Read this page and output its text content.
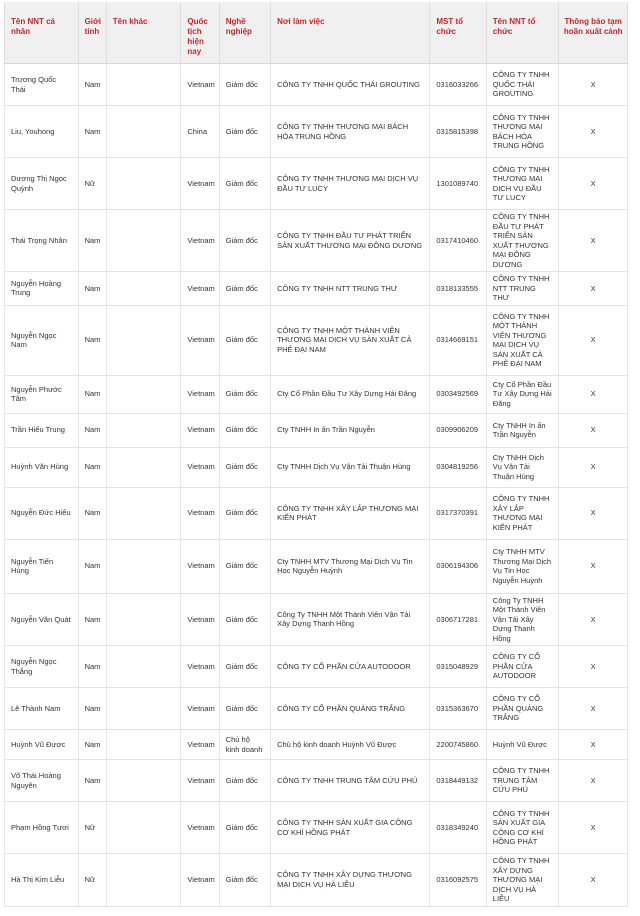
Tên NNT cá nhân	Giới tính	Tên khác	Quốc tịch hiện nay	Nghề nghiệp	Nơi làm việc	MST tổ chức	Tên NNT tổ chức	Thông báo tạm hoãn xuất cảnh
Trương Quốc Thái	Nam		Vietnam	Giám đốc	CÔNG TY TNHH QUỐC THÁI GROUTING	0316033266	CÔNG TY TNHH QUỐC THÁI GROUTING	X
Liu, Youhong	Nam		China	Giám đốc	CÔNG TY TNHH THƯƠNG MẠI BÁCH HÓA TRUNG HỒNG	0315815398	CÔNG TY TNHH THƯƠNG MẠI BÁCH HÓA TRUNG HỒNG	X
Dương Thị Ngọc Quỳnh	Nữ		Vietnam	Giám đốc	CÔNG TY TNHH THƯƠNG MẠI DỊCH VỤ ĐẦU TƯ LUCY	1301089740	CÔNG TY TNHH THƯƠNG MẠI DỊCH VỤ ĐẦU TƯ LUCY	X
Thái Trọng Nhân	Nam		Vietnam	Giám đốc	CÔNG TY TNHH ĐẦU TƯ PHÁT TRIỂN SẢN XUẤT THƯƠNG MẠI ĐÔNG DƯƠNG	0317410460	CÔNG TY TNHH ĐẦU TƯ PHÁT TRIỂN SẢN XUẤT THƯƠNG MẠI ĐÔNG DƯƠNG	X
Nguyễn Hoàng Trung	Nam		Vietnam	Giám đốc	CÔNG TY TNHH NTT TRUNG THƯ	0318133555	CÔNG TY TNHH NTT TRUNG THƯ	X
Nguyễn Ngọc Nam	Nam		Vietnam	Giám đốc	CÔNG TY TNHH MỘT THÀNH VIÊN THƯƠNG MẠI DỊCH VỤ SẢN XUẤT CÀ PHÊ ĐẠI NAM	0314669151	CÔNG TY TNHH MỘT THÀNH VIÊN THƯƠNG MẠI DỊCH VỤ SẢN XUẤT CÀ PHÊ ĐẠI NAM	X
Nguyễn Phước Tâm	Nam		Vietnam	Giám đốc	Cty Cổ Phần Đầu Tư Xây Dựng Hải Đăng	0303492569	Cty Cổ Phần Đầu Tư Xây Dựng Hải Đăng	X
Trần Hiếu Trung	Nam		Vietnam	Giám đốc	Cty TNHH In ấn Trần Nguyễn	0309906209	Cty TNHH In ấn Trần Nguyễn	X
Huỳnh Văn Hùng	Nam		Vietnam	Giám đốc	Cty TNHH Dịch Vụ Vận Tải Thuận Hùng	0304819256	Cty TNHH Dịch Vụ Vận Tải Thuận Hùng	X
Nguyễn Đức Hiếu	Nam		Vietnam	Giám đốc	CÔNG TY TNHH XÂY LẮP THƯƠNG MẠI KIẾN PHÁT	0317370391	CÔNG TY TNHH XÂY LẮP THƯƠNG MẠI KIẾN PHÁT	X
Nguyễn Tiến Hùng	Nam		Vietnam	Giám đốc	Cty TNHH MTV Thương Mại Dịch Vụ Tin Học Nguyễn Huỳnh	0306194306	Cty TNHH MTV Thương Mại Dịch Vụ Tin Học Nguyễn Huỳnh	X
Nguyễn Văn Quát	Nam		Vietnam	Giám đốc	Công Ty TNHH Một Thành Viên Vận Tải Xây Dựng Thanh Hồng	0306717281	Công Ty TNHH Một Thành Viên Vận Tải Xây Dựng Thanh Hồng	X
Nguyễn Ngọc Thắng	Nam		Vietnam	Giám đốc	CÔNG TY CỔ PHẦN CỬA AUTODOOR	0315048929	CÔNG TY CỔ PHẦN CỬA AUTODOOR	X
Lê Thành Nam	Nam		Vietnam	Giám đốc	CÔNG TY CỔ PHẦN QUẢNG TRẮNG	0315363670	CÔNG TY CỔ PHẦN QUẢNG TRẮNG	X
Huỳnh Vũ Được	Nam		Vietnam	Chủ hộ kinh doanh	Chủ hộ kinh doanh Huỳnh Vũ Được	2200745860	Huỳnh Vũ Được	X
Võ Thái Hoàng Nguyên	Nam		Vietnam	Giám đốc	CÔNG TY TNHH TRUNG TÂM CỨU PHÚ	0318449132	CÔNG TY TNHH TRUNG TÂM CỨU PHÚ	X
Phạm Hồng Tươi	Nữ		Vietnam	Giám đốc	CÔNG TY TNHH SẢN XUẤT GIA CÔNG CƠ KHÍ HỒNG PHÁT	0318349240	CÔNG TY TNHH SẢN XUẤT GIA CÔNG CƠ KHÍ HỒNG PHÁT	X
Hà Thị Kim Liễu	Nữ		Vietnam	Giám đốc	CÔNG TY TNHH XÂY DỰNG THƯƠNG MẠI DỊCH VỤ HÀ LIỄU	0316092575	CÔNG TY TNHH XÂY DỰNG THƯƠNG MẠI DỊCH VỤ HÀ LIỄU	X
